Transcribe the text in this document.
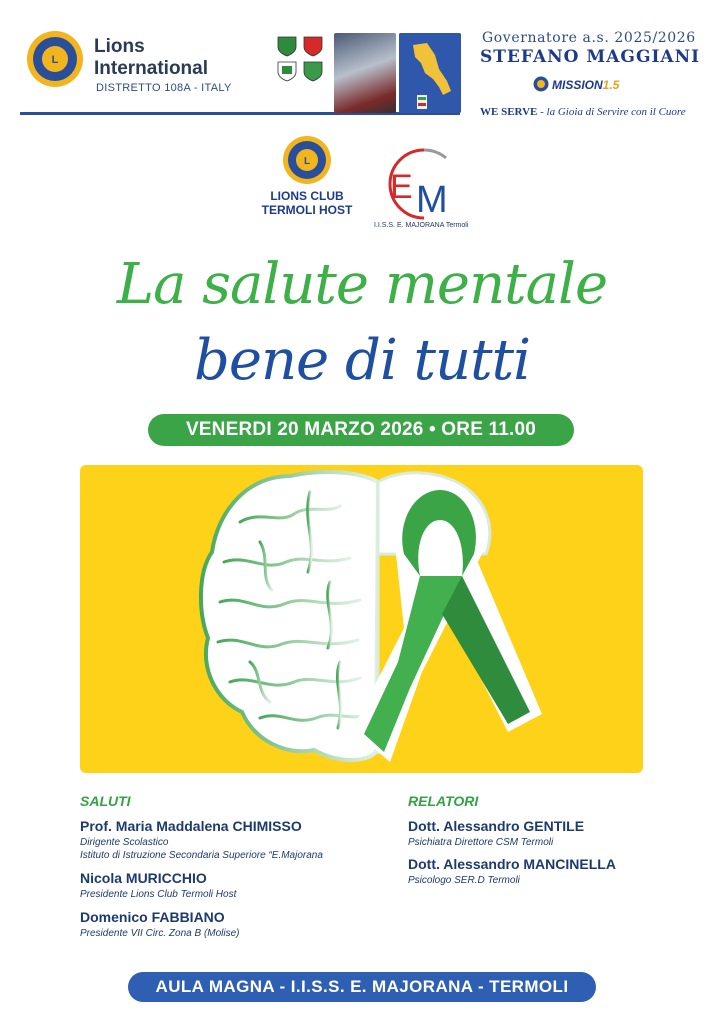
L
Lions
International
DISTRETTO 108A - ITALY
Governatore a.s. 2025/2026
STEFANO MAGGIANI
MISSION1.5
WE SERVE - la Gioia di Servire con il Cuore
L
LIONS CLUB
TERMOLI HOST
E M
I.I.S.S. E. MAJORANA Termoli
La salute mentale
bene di tutti
VENERDI 20 MARZO 2026 • ORE 11.00
SALUTI
Prof. Maria Maddalena CHIMISSO
Dirigente Scolastico
Istituto di Istruzione Secondaria Superiore “E.Majorana
Nicola MURICCHIO
Presidente Lions Club Termoli Host
Domenico FABBIANO
Presidente VII Circ. Zona B (Molise)
RELATORI
Dott. Alessandro GENTILE
Psichiatra Direttore CSM Termoli
Dott. Alessandro MANCINELLA
Psicologo SER.D Termoli
AULA MAGNA - I.I.S.S. E. MAJORANA - TERMOLI
